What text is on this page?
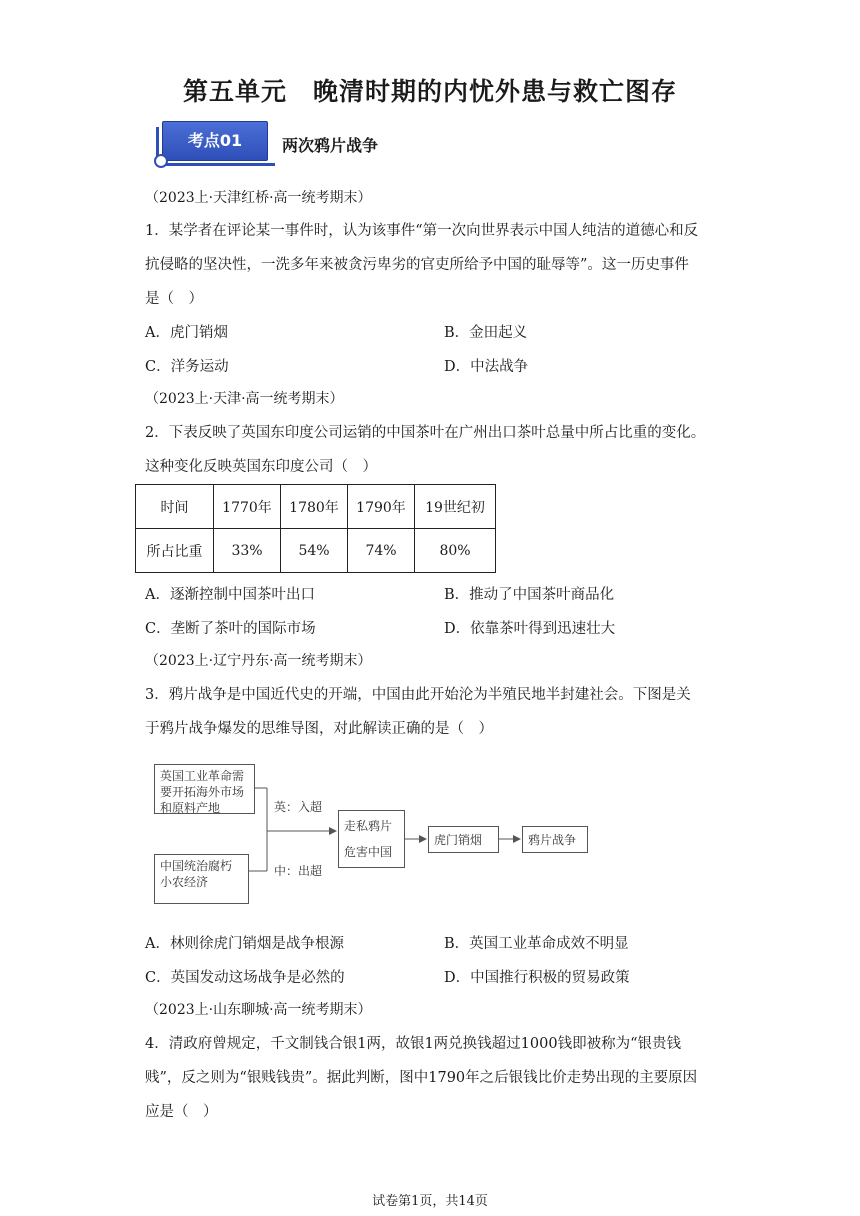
第五单元　晚清时期的内忧外患与救亡图存
考点01	两次鸦片战争
（2023上·天津红桥·高一统考期末）
1．某学者在评论某一事件时，认为该事件“第一次向世界表示中国人纯洁的道德心和反
抗侵略的坚决性，一洗多年来被贪污卑劣的官吏所给予中国的耻辱等”。这一历史事件
是（　）
A．虎门销烟	B．金田起义
C．洋务运动	D．中法战争
（2023上·天津·高一统考期末）
2．下表反映了英国东印度公司运销的中国茶叶在广州出口茶叶总量中所占比重的变化。
这种变化反映英国东印度公司（　）
时间	1770年	1780年	1790年	19世纪初
所占比重	33%	54%	74%	80%
A．逐渐控制中国茶叶出口	B．推动了中国茶叶商品化
C．垄断了茶叶的国际市场	D．依靠茶叶得到迅速壮大
（2023上·辽宁丹东·高一统考期末）
3．鸦片战争是中国近代史的开端，中国由此开始沦为半殖民地半封建社会。下图是关
于鸦片战争爆发的思维导图，对此解读正确的是（　）
英国工业革命需要开拓海外市场和原料产地
中国统治腐朽小农经济
英：入超
中：出超
走私鸦片
危害中国
虎门销烟	鸦片战争
A．林则徐虎门销烟是战争根源	B．英国工业革命成效不明显
C．英国发动这场战争是必然的	D．中国推行积极的贸易政策
（2023上·山东聊城·高一统考期末）
4．清政府曾规定，千文制钱合银1两，故银1两兑换钱超过1000钱即被称为“银贵钱
贱”，反之则为“银贱钱贵”。据此判断，图中1790年之后银钱比价走势出现的主要原因
应是（　）
试卷第1页，共14页
